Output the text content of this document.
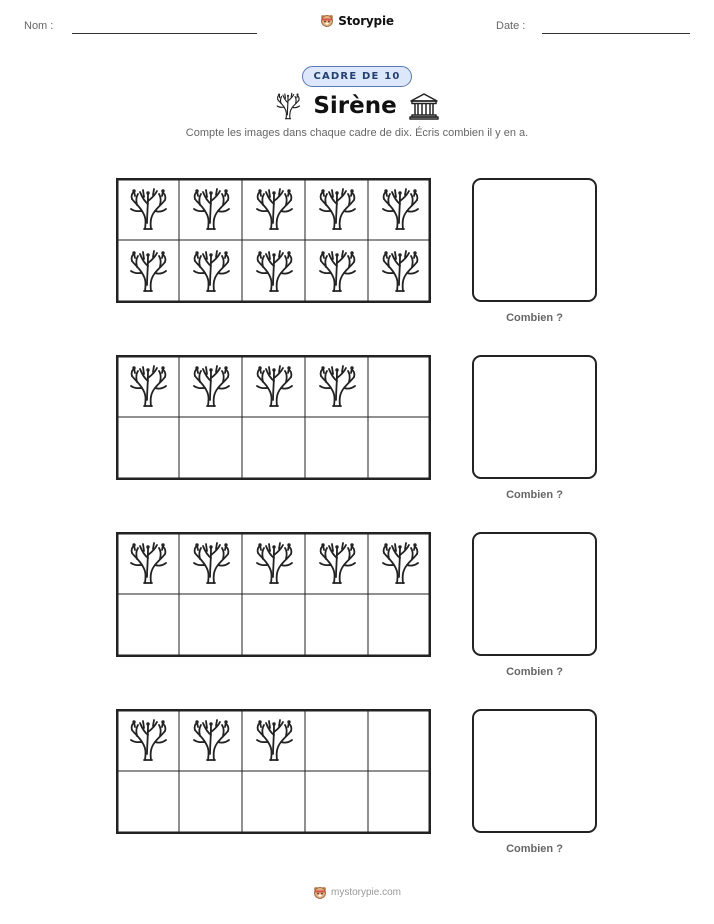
Nom :	Storypie	Date :
CADRE DE 10
Sirène
Compte les images dans chaque cadre de dix. Écris combien il y en a.
Combien ?
Combien ?
Combien ?
Combien ?
mystorypie.com
